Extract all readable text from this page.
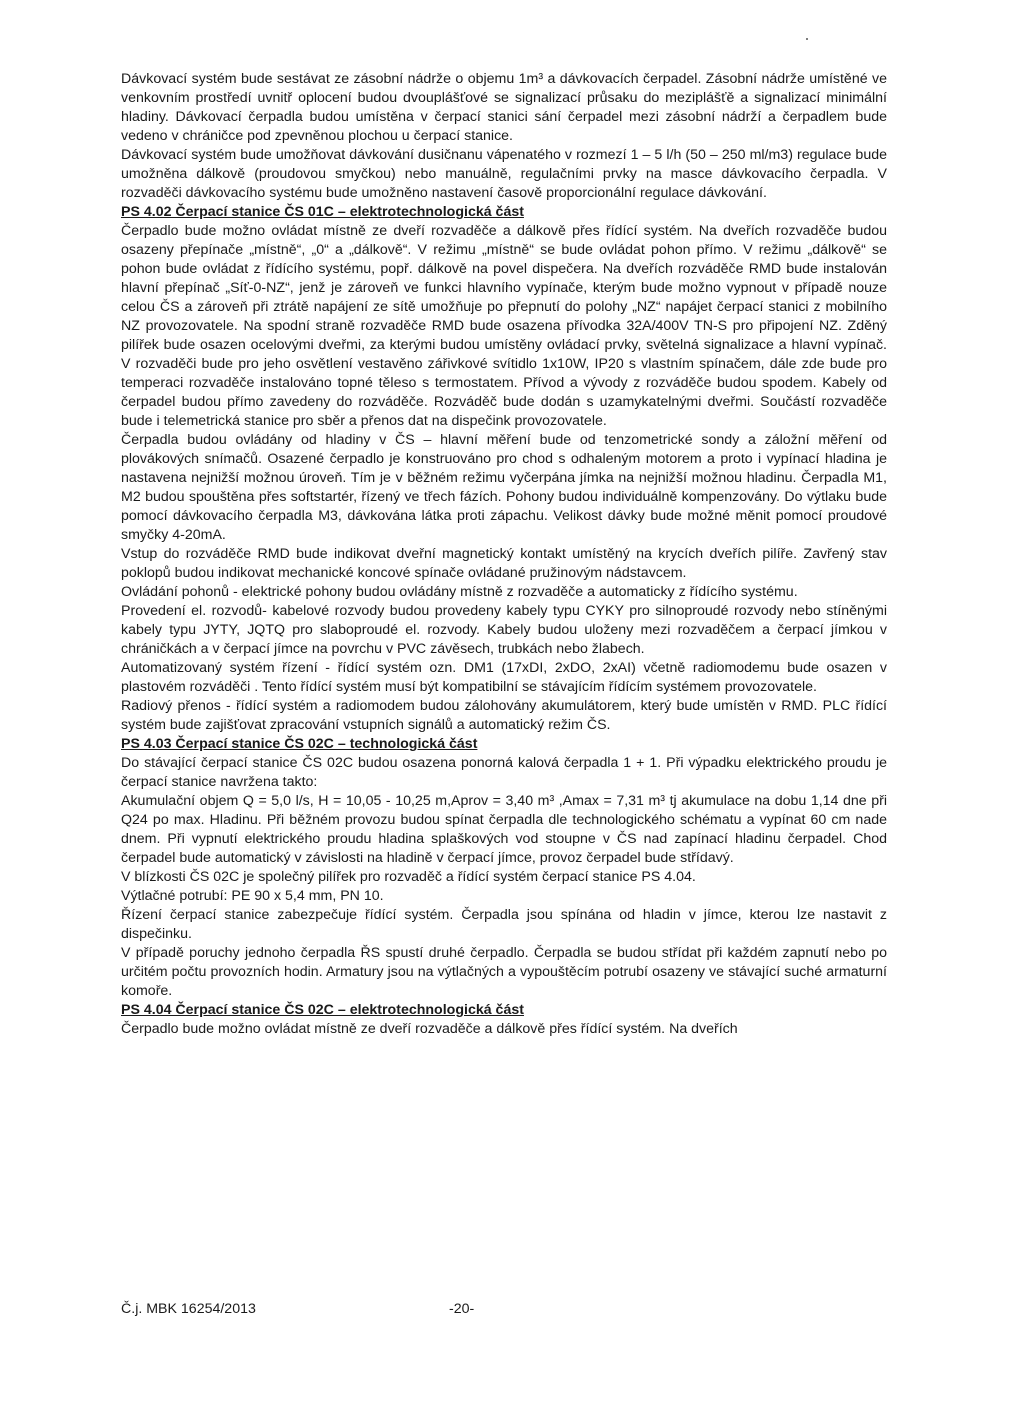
Dávkovací systém bude sestávat ze zásobní nádrže o objemu 1m³ a dávkovacích čerpadel. Zásobní nádrže umístěné ve venkovním prostředí uvnitř oplocení budou dvouplášťové se signalizací průsaku do meziplášťě a signalizací minimální hladiny. Dávkovací čerpadla budou umístěna v čerpací stanici sání čerpadel mezi zásobní nádrží a čerpadlem bude vedeno v chráničce pod zpevněnou plochou u čerpací stanice.

Dávkovací systém bude umožňovat dávkování dusičnanu vápenatého v rozmezí 1 – 5 l/h (50 – 250 ml/m3) regulace bude umožněna dálkově (proudovou smyčkou) nebo manuálně, regulačními prvky na masce dávkovacího čerpadla. V rozvaděči dávkovacího systému bude umožněno nastavení časově proporcionální regulace dávkování.

PS 4.02 Čerpací stanice ČS 01C – elektrotechnologická část

Čerpadlo bude možno ovládat místně ze dveří rozvaděče a dálkově přes řídící systém. Na dveřích rozvaděče budou osazeny přepínače „místně“, „0“ a „dálkově“. V režimu „místně“ se bude ovládat pohon přímo. V režimu „dálkově“ se pohon bude ovládat z řídícího systému, popř. dálkově na povel dispečera. Na dveřích rozváděče RMD bude instalován hlavní přepínač „Síť-0-NZ“, jenž je zároveň ve funkci hlavního vypínače, kterým bude možno vypnout v případě nouze celou ČS a zároveň při ztrátě napájení ze sítě umožňuje po přepnutí do polohy „NZ“ napájet čerpací stanici z mobilního NZ provozovatele. Na spodní straně rozvaděče RMD bude osazena přívodka 32A/400V TN-S pro připojení NZ. Zděný pilířek bude osazen ocelovými dveřmi, za kterými budou umístěny ovládací prvky, světelná signalizace a hlavní vypínač. V rozvaděči bude pro jeho osvětlení vestavěno zářivkové svítidlo 1x10W, IP20 s vlastním spínačem, dále zde bude pro temperaci rozvaděče instalováno topné těleso s termostatem. Přívod a vývody z rozváděče budou spodem. Kabely od čerpadel budou přímo zavedeny do rozváděče. Rozváděč bude dodán s uzamykatelnými dveřmi. Součástí rozvaděče bude i telemetrická stanice pro sběr a přenos dat na dispečink provozovatele.

Čerpadla budou ovládány od hladiny v ČS – hlavní měření bude od tenzometrické sondy a záložní měření od plovákových snímačů. Osazené čerpadlo je konstruováno pro chod s odhaleným motorem a proto i vypínací hladina je nastavena nejnižší možnou úroveň. Tím je v běžném režimu vyčerpána jímka na nejnižší možnou hladinu. Čerpadla M1, M2 budou spouštěna přes softstartér, řízený ve třech fázích. Pohony budou individuálně kompenzovány. Do výtlaku bude pomocí dávkovacího čerpadla M3, dávkována látka proti zápachu. Velikost dávky bude možné měnit pomocí proudové smyčky 4-20mA.

Vstup do rozváděče RMD bude indikovat dveřní magnetický kontakt umístěný na krycích dveřích pilíře. Zavřený stav poklopů budou indikovat mechanické koncové spínače ovládané pružinovým nádstavcem.

Ovládání pohonů - elektrické pohony budou ovládány místně z rozvaděče a automaticky z řídícího systému.

Provedení el. rozvodů- kabelové rozvody budou provedeny kabely typu CYKY pro silnoproudé rozvody nebo stíněnými kabely typu JYTY, JQTQ pro slaboproudé el. rozvody. Kabely budou uloženy mezi rozvaděčem a čerpací jímkou v chráničkách a v čerpací jímce na povrchu v PVC závěsech, trubkách nebo žlabech.

Automatizovaný systém řízení - řídící systém ozn. DM1 (17xDI, 2xDO, 2xAI) včetně radiomodemu bude osazen v plastovém rozváděči . Tento řídící systém musí být kompatibilní se stávajícím řídícím systémem provozovatele.

Radiový přenos - řídící systém a radiomodem budou zálohovány akumulátorem, který bude umístěn v RMD. PLC řídící systém bude zajišťovat zpracování vstupních signálů a automatický režim ČS.

PS 4.03 Čerpací stanice ČS 02C – technologická část

Do stávající čerpací stanice ČS 02C budou osazena ponorná kalová čerpadla 1 + 1. Při výpadku elektrického proudu je čerpací stanice navržena takto:

Akumulační objem Q = 5,0 l/s, H = 10,05 - 10,25 m,Aprov = 3,40 m³ ,Amax = 7,31 m³ tj akumulace na dobu 1,14 dne při Q24 po max. Hladinu. Při běžném provozu budou spínat čerpadla dle technologického schématu a vypínat 60 cm nade dnem. Při vypnutí elektrického proudu hladina splaškových vod stoupne v ČS nad zapínací hladinu čerpadel. Chod čerpadel bude automatický v závislosti na hladině v čerpací jímce, provoz čerpadel bude střídavý.

V blízkosti ČS 02C je společný pilířek pro rozvaděč a řídící systém čerpací stanice PS 4.04.

Výtlačné potrubí: PE 90 x 5,4 mm, PN 10.

Řízení čerpací stanice zabezpečuje řídící systém. Čerpadla jsou spínána od hladin v jímce, kterou lze nastavit z dispečinku.

V případě poruchy jednoho čerpadla ŘS spustí druhé čerpadlo. Čerpadla se budou střídat při každém zapnutí nebo po určitém počtu provozních hodin. Armatury jsou na výtlačných a vypouštěcím potrubí osazeny ve stávající suché armaturní komoře.

PS 4.04 Čerpací stanice ČS 02C – elektrotechnologická část

Čerpadlo bude možno ovládat místně ze dveří rozvaděče a dálkově přes řídící systém. Na dveřích

Č.j. MBK 16254/2013	-20-
